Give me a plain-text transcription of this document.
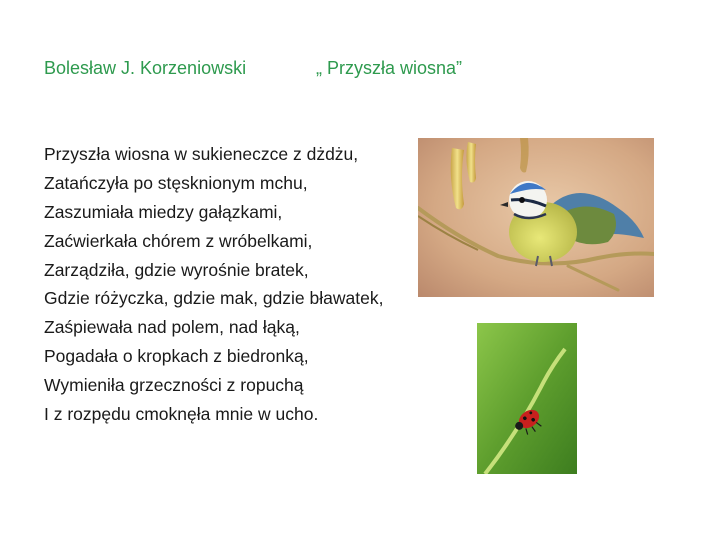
Bolesław J. Korzeniowski	„ Przyszła wiosna”
Przyszła wiosna w sukieneczce z dżdżu,
Zatańczyła po stęsknionym mchu,
Zaszumiała miedzy gałązkami,
Zaćwierkała chórem z wróbelkami,
Zarządziła, gdzie wyrośnie bratek,
Gdzie różyczka, gdzie mak, gdzie bławatek,
Zaśpiewała nad polem, nad łąką,
Pogadała o kropkach z biedronką,
Wymieniła grzeczności z ropuchą
I z rozpędu cmoknęła mnie w ucho.
